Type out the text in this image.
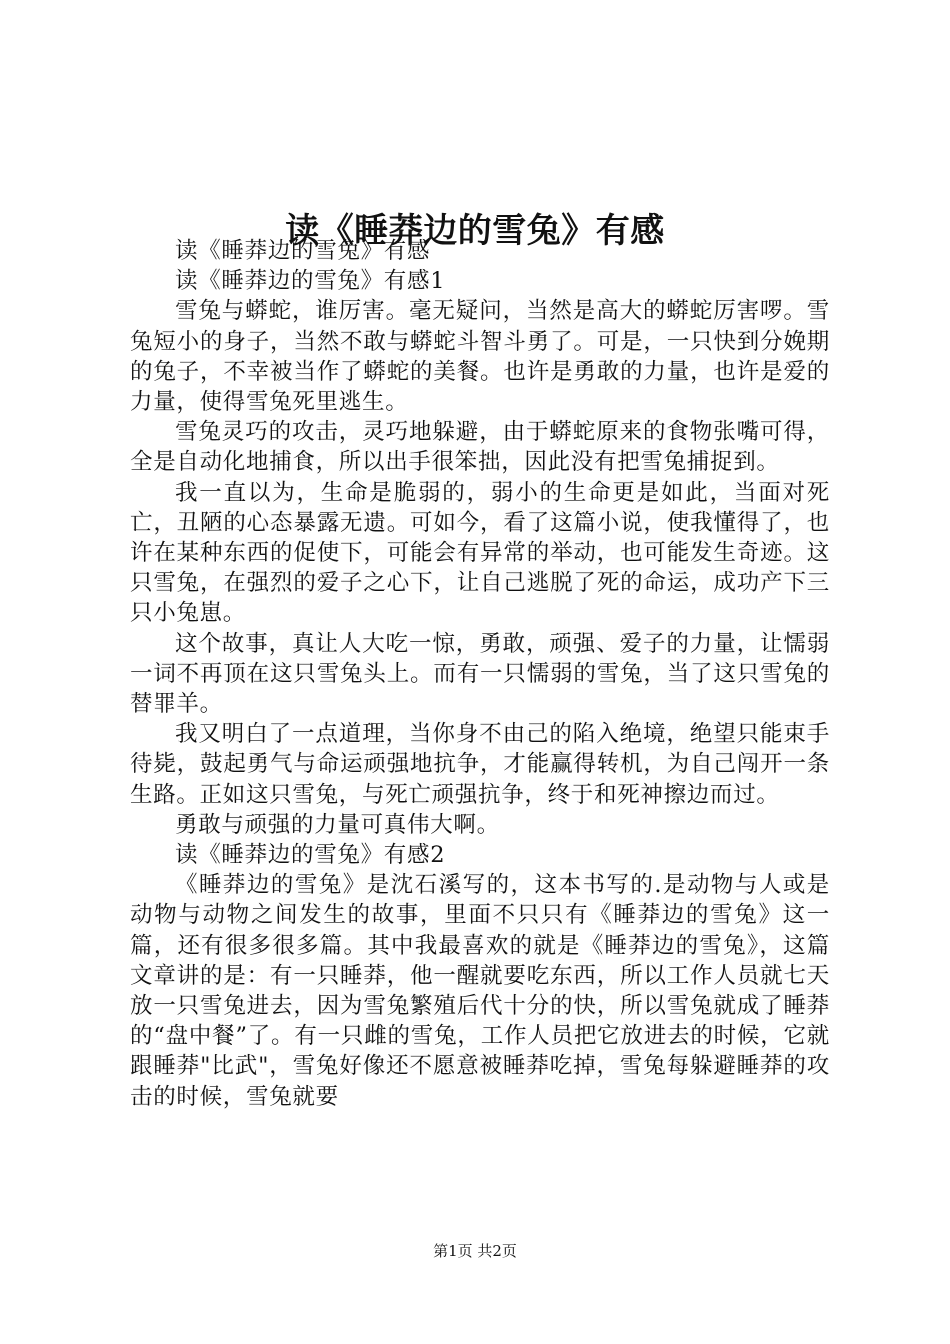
读《睡莽边的雪兔》有感

读《睡莽边的雪兔》有感

读《睡莽边的雪兔》有感1

雪兔与蟒蛇，谁厉害。毫无疑问，当然是高大的蟒蛇厉害啰。雪兔短小的身子，当然不敢与蟒蛇斗智斗勇了。可是，一只快到分娩期的兔子，不幸被当作了蟒蛇的美餐。也许是勇敢的力量，也许是爱的力量，使得雪兔死里逃生。

雪兔灵巧的攻击，灵巧地躲避，由于蟒蛇原来的食物张嘴可得，全是自动化地捕食，所以出手很笨拙，因此没有把雪兔捕捉到。

我一直以为，生命是脆弱的，弱小的生命更是如此，当面对死亡，丑陋的心态暴露无遗。可如今，看了这篇小说，使我懂得了，也许在某种东西的促使下，可能会有异常的举动，也可能发生奇迹。这只雪兔，在强烈的爱子之心下，让自己逃脱了死的命运，成功产下三只小兔崽。

这个故事，真让人大吃一惊，勇敢，顽强、爱子的力量，让懦弱一词不再顶在这只雪兔头上。而有一只懦弱的雪兔，当了这只雪兔的替罪羊。

我又明白了一点道理，当你身不由己的陷入绝境，绝望只能束手待毙，鼓起勇气与命运顽强地抗争，才能赢得转机，为自己闯开一条生路。正如这只雪兔，与死亡顽强抗争，终于和死神擦边而过。

勇敢与顽强的力量可真伟大啊。

读《睡莽边的雪兔》有感2

《睡莽边的雪兔》是沈石溪写的，这本书写的.是动物与人或是动物与动物之间发生的故事，里面不只只有《睡莽边的雪兔》这一篇，还有很多很多篇。其中我最喜欢的就是《睡莽边的雪兔》，这篇文章讲的是：有一只睡莽，他一醒就要吃东西，所以工作人员就七天放一只雪兔进去，因为雪兔繁殖后代十分的快，所以雪兔就成了睡莽的“盘中餐”了。有一只雌的雪兔，工作人员把它放进去的时候，它就跟睡莽"比武"，雪兔好像还不愿意被睡莽吃掉，雪兔每躲避睡莽的攻击的时候，雪兔就要

第1页 共2页
